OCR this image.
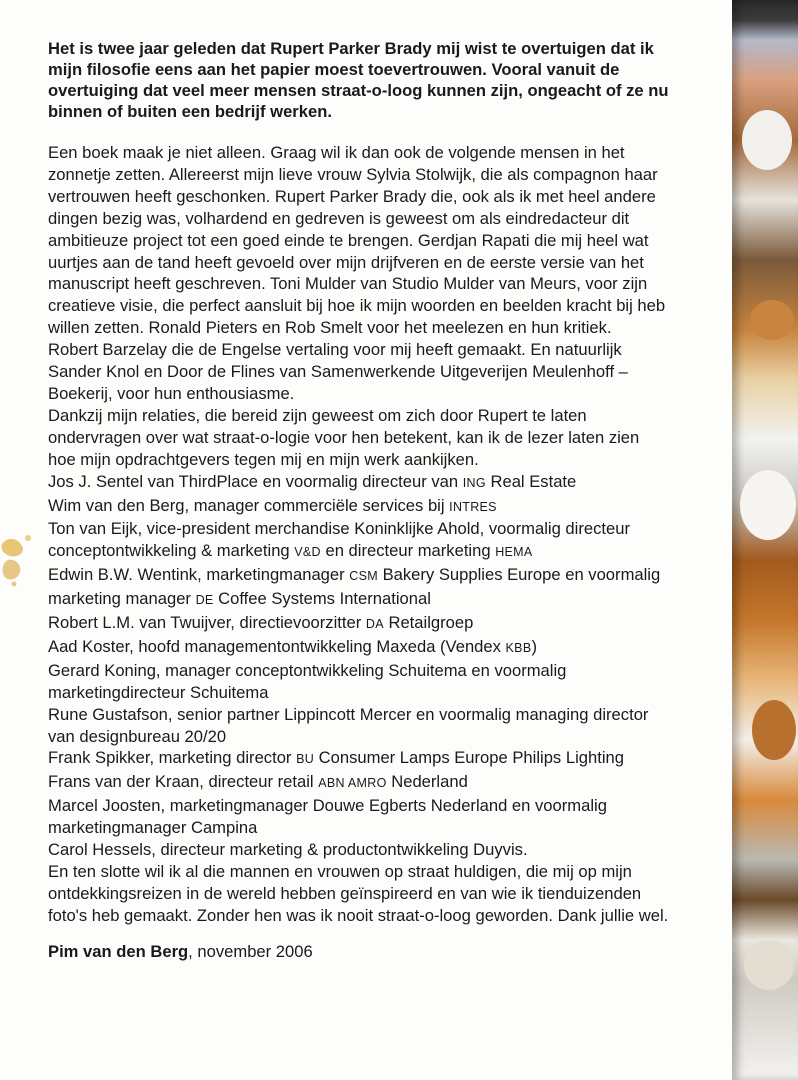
Het is twee jaar geleden dat Rupert Parker Brady mij wist te overtuigen dat ik
mijn filosofie eens aan het papier moest toevertrouwen. Vooral vanuit de
overtuiging dat veel meer mensen straat-o-loog kunnen zijn, ongeacht of ze nu
binnen of buiten een bedrijf werken.

Een boek maak je niet alleen. Graag wil ik dan ook de volgende mensen in het
zonnetje zetten. Allereerst mijn lieve vrouw Sylvia Stolwijk, die als compagnon haar
vertrouwen heeft geschonken. Rupert Parker Brady die, ook als ik met heel andere
dingen bezig was, volhardend en gedreven is geweest om als eindredacteur dit
ambitieuze project tot een goed einde te brengen. Gerdjan Rapati die mij heel wat
uurtjes aan de tand heeft gevoeld over mijn drijfveren en de eerste versie van het
manuscript heeft geschreven. Toni Mulder van Studio Mulder van Meurs, voor zijn
creatieve visie, die perfect aansluit bij hoe ik mijn woorden en beelden kracht bij heb
willen zetten. Ronald Pieters en Rob Smelt voor het meelezen en hun kritiek.
Robert Barzelay die de Engelse vertaling voor mij heeft gemaakt. En natuurlijk
Sander Knol en Door de Flines van Samenwerkende Uitgeverijen Meulenhoff –
Boekerij, voor hun enthousiasme.
Dankzij mijn relaties, die bereid zijn geweest om zich door Rupert te laten
ondervragen over wat straat-o-logie voor hen betekent, kan ik de lezer laten zien
hoe mijn opdrachtgevers tegen mij en mijn werk aankijken.
Jos J. Sentel van ThirdPlace en voormalig directeur van ING Real Estate
Wim van den Berg, manager commerciële services bij INTRES
Ton van Eijk, vice-president merchandise Koninklijke Ahold, voormalig directeur
conceptontwikkeling & marketing V&D en directeur marketing HEMA
Edwin B.W. Wentink, marketingmanager CSM Bakery Supplies Europe en voormalig
marketing manager DE Coffee Systems International
Robert L.M. van Twuijver, directievoorzitter DA Retailgroep
Aad Koster, hoofd managementontwikkeling Maxeda (Vendex KBB)
Gerard Koning, manager conceptontwikkeling Schuitema en voormalig
marketingdirecteur Schuitema
Rune Gustafson, senior partner Lippincott Mercer en voormalig managing director
van designbureau 20/20
Frank Spikker, marketing director BU Consumer Lamps Europe Philips Lighting
Frans van der Kraan, directeur retail ABN AMRO Nederland
Marcel Joosten, marketingmanager Douwe Egberts Nederland en voormalig
marketingmanager Campina
Carol Hessels, directeur marketing & productontwikkeling Duyvis.
En ten slotte wil ik al die mannen en vrouwen op straat huldigen, die mij op mijn
ontdekkingsreizen in de wereld hebben geïnspireerd en van wie ik tienduizenden
foto's heb gemaakt. Zonder hen was ik nooit straat-o-loog geworden. Dank jullie wel.

Pim van den Berg, november 2006
